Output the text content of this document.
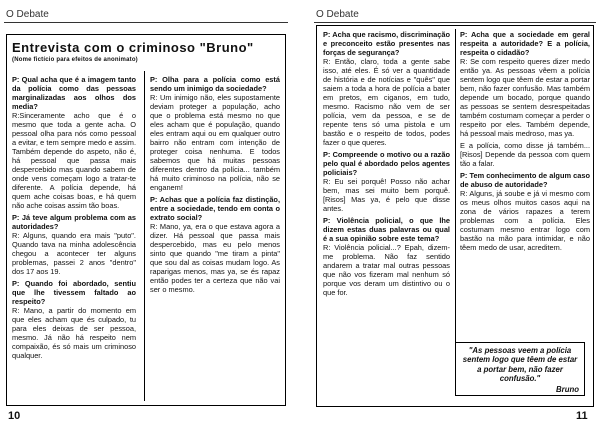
O Debate
Entrevista com o criminoso "Bruno"
(Nome fictício para efeitos de anonimato)

P: Qual acha que é a imagem tanto da polícia como das pessoas marginalizadas aos olhos dos media?
R:Sinceramente acho que é o mesmo que toda a gente acha. O pessoal olha para nós como pessoal a evitar, e tem sempre medo e assim. Também depende do aspeto, não é, há pessoal que passa mais despercebido mas quando sabem de onde vens começam logo a tratar-te diferente. A polícia depende, há quem ache coisas boas, e há quem não ache coisas assim tão boas.

P: Já teve algum problema com as autoridades?
R: Alguns, quando era mais "puto". Quando tava na minha adolescência chegou a acontecer ter alguns problemas, passei 2 anos "dentro" dos 17 aos 19.

P: Quando foi abordado, sentiu que lhe tivessem faltado ao respeito?
R: Mano, a partir do momento em que eles acham que és culpado, tu para eles deixas de ser pessoa, mesmo. Já não há respeito nem compaixão, és só mais um criminoso qualquer.

P: Olha para a polícia como está sendo um inimigo da sociedade?
R: Um inimigo não, eles supostamente deviam proteger a população, acho que o problema está mesmo no que eles acham que é população, quando eles entram aqui ou em qualquer outro bairro não entram com intenção de proteger coisa nenhuma. E todos sabemos que há muitas pessoas diferentes dentro da polícia... também há muito criminoso na polícia, não se enganem!

P: Achas que a polícia faz distinção, entre a sociedade, tendo em conta o extrato social?
R: Mano, ya, era o que estava agora a dizer. Há pessoal que passa mais despercebido, mas eu pelo menos sinto que quando "me tiram a pinta" que sou dal as coisas mudam logo. As raparigas menos, mas ya, se és rapaz então podes ter a certeza que não vai ser o mesmo.

10
O Debate

P: Acha que racismo, discriminação e preconceito estão presentes nas forças de segurança?
R: Então, claro, toda a gente sabe isso, até eles. É só ver a quantidade de história e de notícias e "quês" que saiem a toda a hora de polícia a bater em pretos, em ciganos, em tudo, mesmo. Racismo não vem de ser polícia, vem da pessoa, e se de repente tens só uma pistola e um bastão e o respeito de todos, podes fazer o que queres.

P: Compreende o motivo ou a razão pelo qual é abordado pelos agentes policiais?
R: Eu sei porquê! Posso não achar bem, mas sei muito bem porquê. [Risos] Mas ya, é pelo que disse antes.

P: Violência policial, o que lhe dizem estas duas palavras ou qual é a sua opinião sobre este tema?
R: Violência policial...? Epah, dizem-me problema. Não faz sentido andarem a tratar mal outras pessoas que não vos fizeram mal nenhum só porque vos deram um distintivo ou o que for.

P: Acha que a sociedade em geral respeita a autoridade? E a polícia, respeita o cidadão?
R: Se com respeito queres dizer medo então ya. As pessoas vêem a polícia sentem logo que têem de estar a portar bem, não fazer confusão. Mas também depende um bocado, porque quando as pessoas se sentem desrespeitadas também costumam começar a perder o respeito por eles. Também depende, há pessoal mais medroso, mas ya.

E a polícia, como disse já também... [Risos] Depende da pessoa com quem tão a falar.

P: Tem conhecimento de algum caso de abuso de autoridade?
R: Alguns, já soube e já vi mesmo com os meus olhos muitos casos aqui na zona de vários rapazes a terem problemas com a polícia. Eles costumam mesmo entrar logo com bastão na mão para intimidar, e não têem medo de usar, acreditem.

"As pessoas veem a polícia sentem logo que têem de estar a portar bem, não fazer confusão."
Bruno
11
